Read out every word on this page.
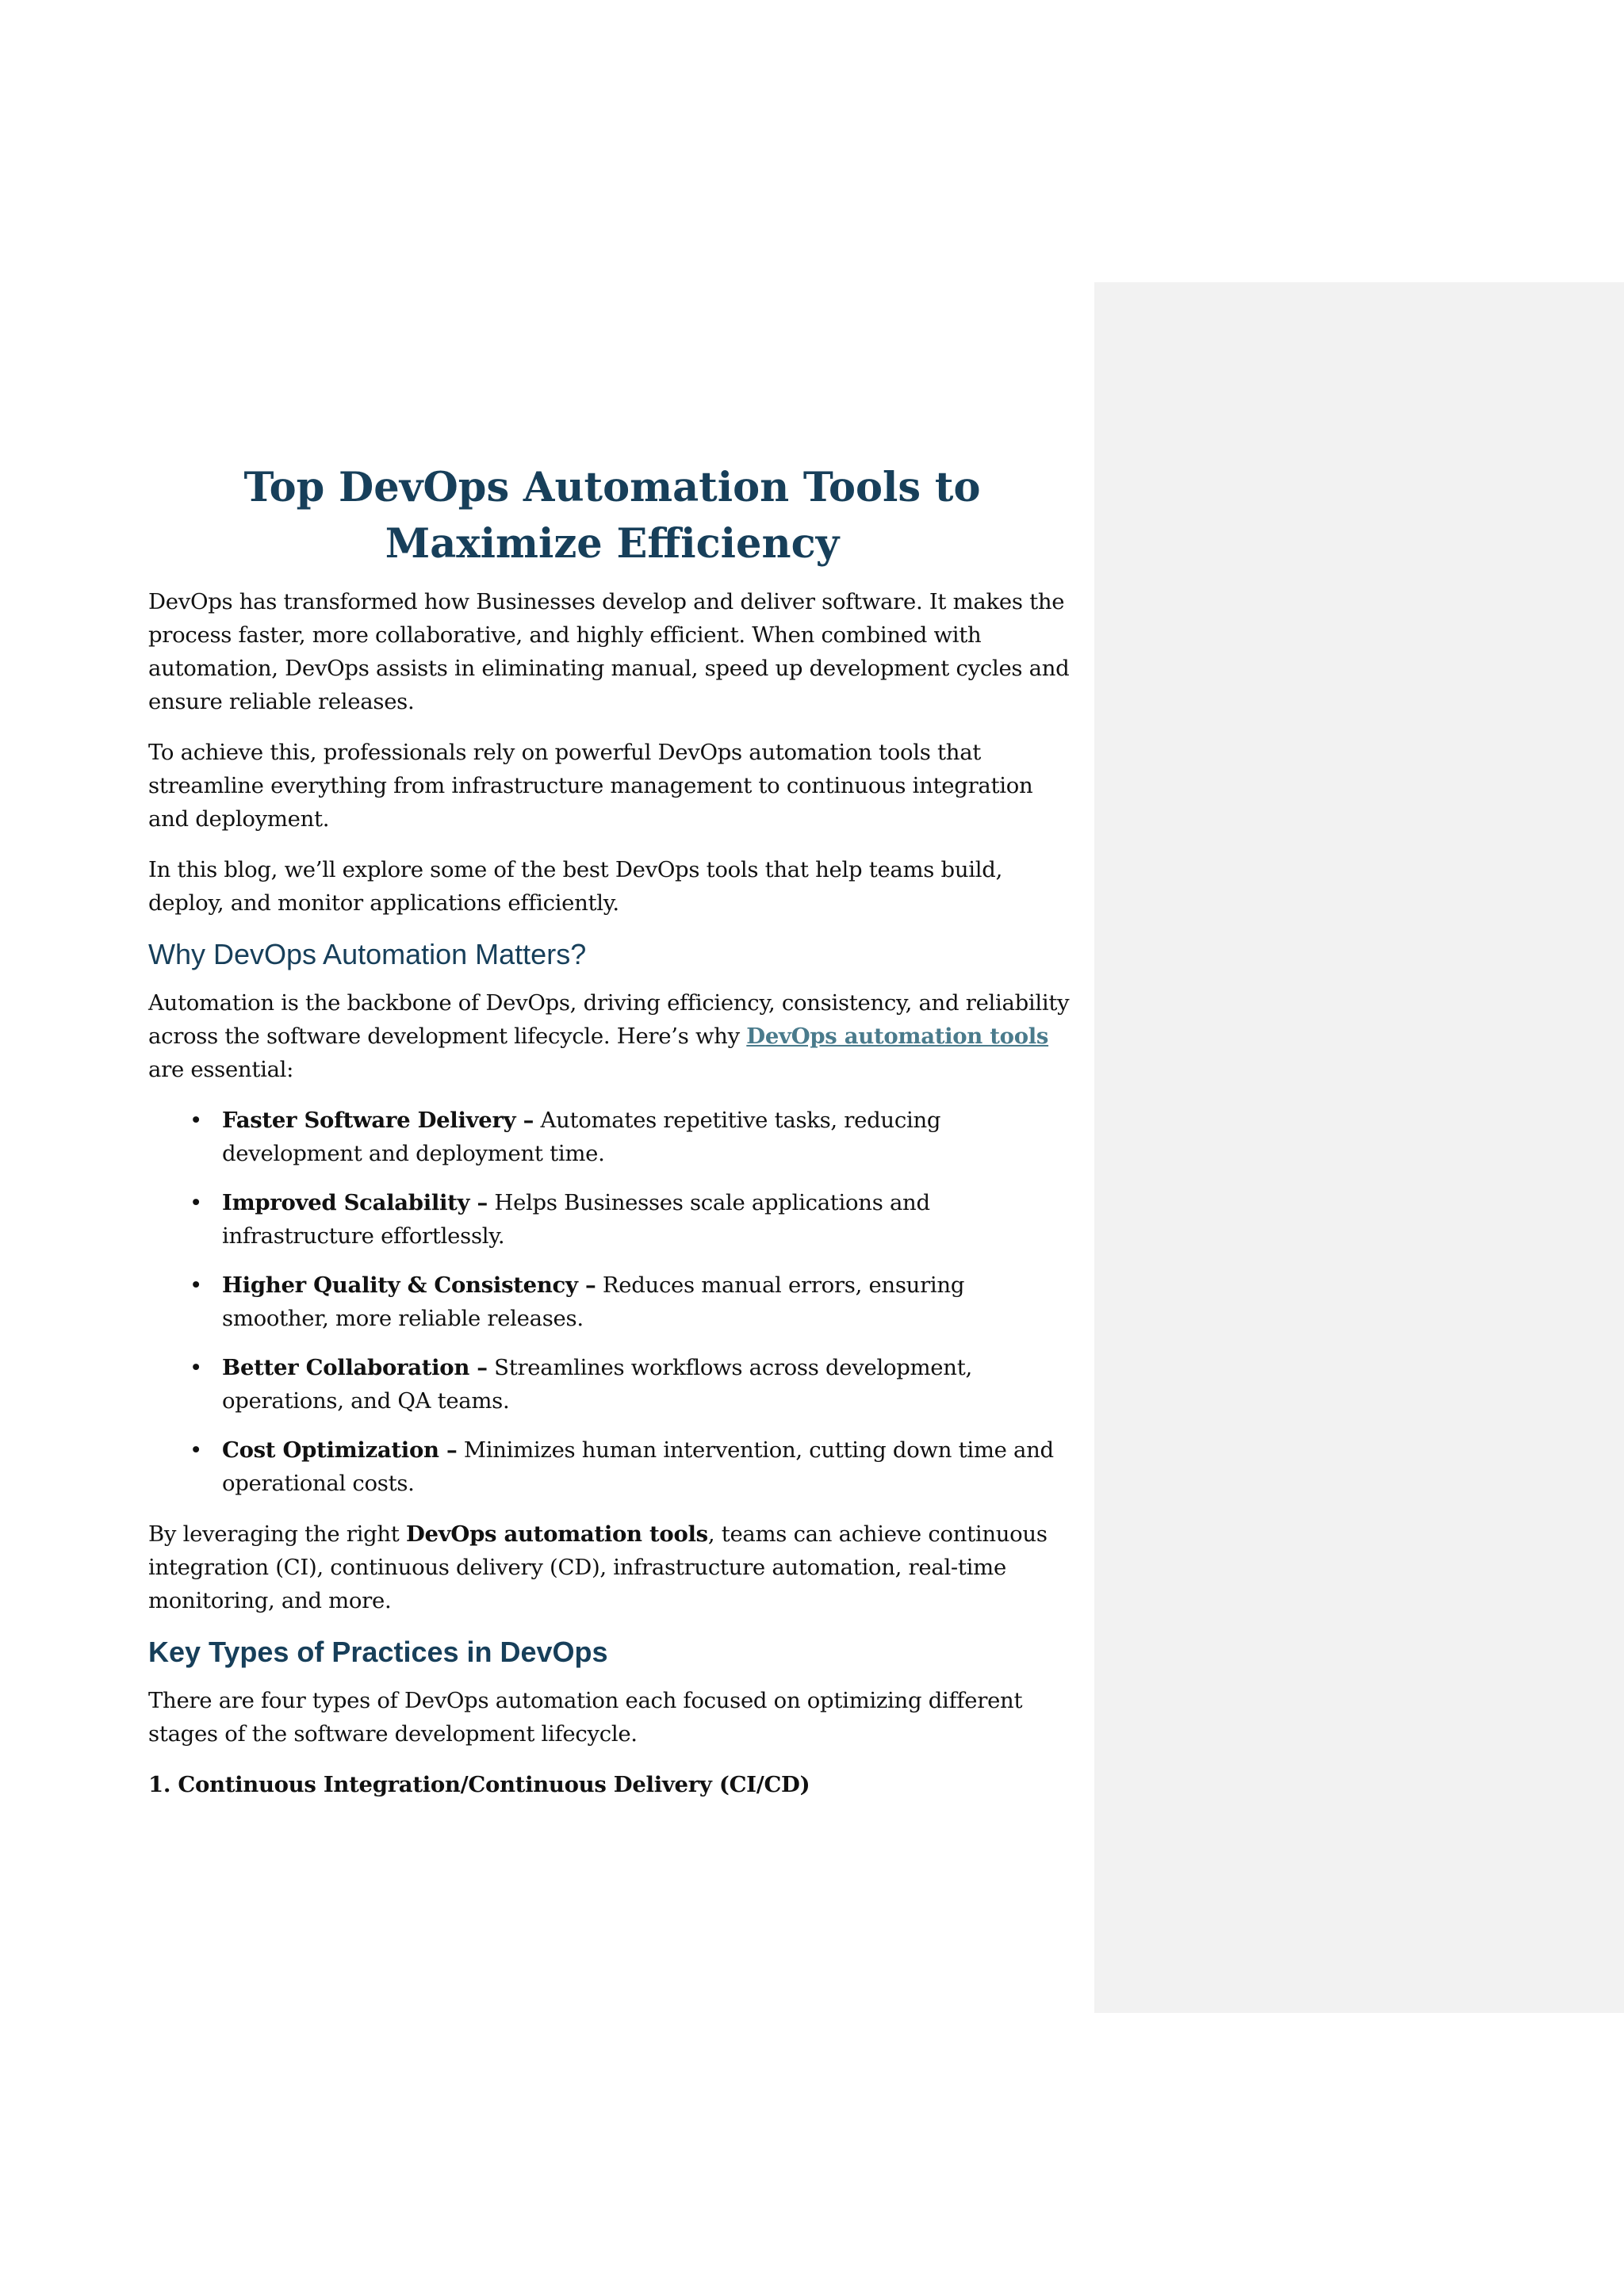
Top DevOps Automation Tools to Maximize Efficiency

DevOps has transformed how Businesses develop and deliver software. It makes the process faster, more collaborative, and highly efficient. When combined with automation, DevOps assists in eliminating manual, speed up development cycles and ensure reliable releases.

To achieve this, professionals rely on powerful DevOps automation tools that streamline everything from infrastructure management to continuous integration and deployment.

In this blog, we’ll explore some of the best DevOps tools that help teams build, deploy, and monitor applications efficiently.

Why DevOps Automation Matters?

Automation is the backbone of DevOps, driving efficiency, consistency, and reliability across the software development lifecycle. Here’s why DevOps automation tools are essential:

• Faster Software Delivery – Automates repetitive tasks, reducing development and deployment time.
• Improved Scalability – Helps Businesses scale applications and infrastructure effortlessly.
• Higher Quality & Consistency – Reduces manual errors, ensuring smoother, more reliable releases.
• Better Collaboration – Streamlines workflows across development, operations, and QA teams.
• Cost Optimization – Minimizes human intervention, cutting down time and operational costs.

By leveraging the right DevOps automation tools, teams can achieve continuous integration (CI), continuous delivery (CD), infrastructure automation, real-time monitoring, and more.

Key Types of Practices in DevOps

There are four types of DevOps automation each focused on optimizing different stages of the software development lifecycle.

1. Continuous Integration/Continuous Delivery (CI/CD)
